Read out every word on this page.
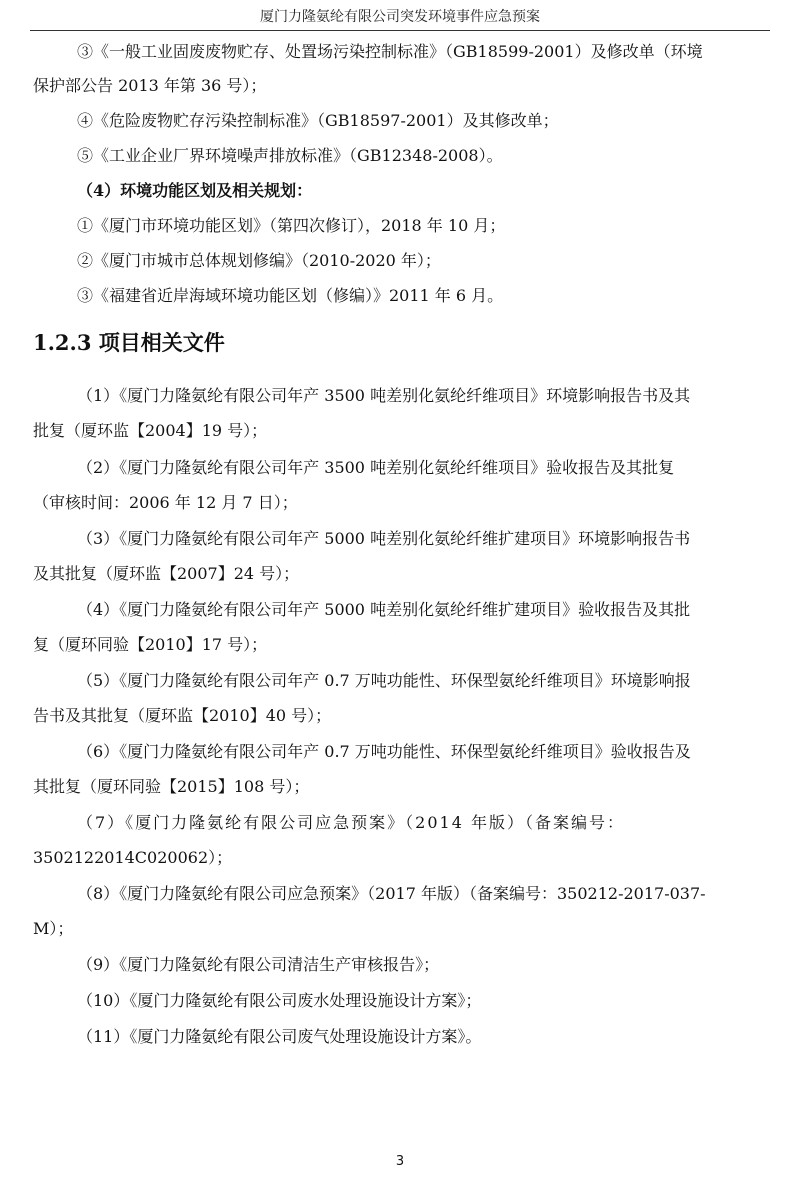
厦门力隆氨纶有限公司突发环境事件应急预案
③《一般工业固废废物贮存、处置场污染控制标准》（GB18599-2001）及修改单（环境
保护部公告 2013 年第 36 号）；
④《危险废物贮存污染控制标准》（GB18597-2001）及其修改单；
⑤《工业企业厂界环境噪声排放标准》（GB12348-2008）。
（4）环境功能区划及相关规划：
①《厦门市环境功能区划》（第四次修订），2018 年 10 月；
②《厦门市城市总体规划修编》（2010-2020 年）；
③《福建省近岸海域环境功能区划（修编）》2011 年 6 月。
1.2.3 项目相关文件
（1）《厦门力隆氨纶有限公司年产 3500 吨差别化氨纶纤维项目》环境影响报告书及其
批复（厦环监【2004】19 号）；
（2）《厦门力隆氨纶有限公司年产 3500 吨差别化氨纶纤维项目》验收报告及其批复
（审核时间：2006 年 12 月 7 日）；
（3）《厦门力隆氨纶有限公司年产 5000 吨差别化氨纶纤维扩建项目》环境影响报告书
及其批复（厦环监【2007】24 号）；
（4）《厦门力隆氨纶有限公司年产 5000 吨差别化氨纶纤维扩建项目》验收报告及其批
复（厦环同验【2010】17 号）；
（5）《厦门力隆氨纶有限公司年产 0.7 万吨功能性、环保型氨纶纤维项目》环境影响报
告书及其批复（厦环监【2010】40 号）；
（6）《厦门力隆氨纶有限公司年产 0.7 万吨功能性、环保型氨纶纤维项目》验收报告及
其批复（厦环同验【2015】108 号）；
（7）《厦门力隆氨纶有限公司应急预案》（2014 年版）（备案编号：
3502122014C020062）；
（8）《厦门力隆氨纶有限公司应急预案》（2017 年版）（备案编号：350212-2017-037-
M）；
（9）《厦门力隆氨纶有限公司清洁生产审核报告》；
（10）《厦门力隆氨纶有限公司废水处理设施设计方案》；
（11）《厦门力隆氨纶有限公司废气处理设施设计方案》。
3
